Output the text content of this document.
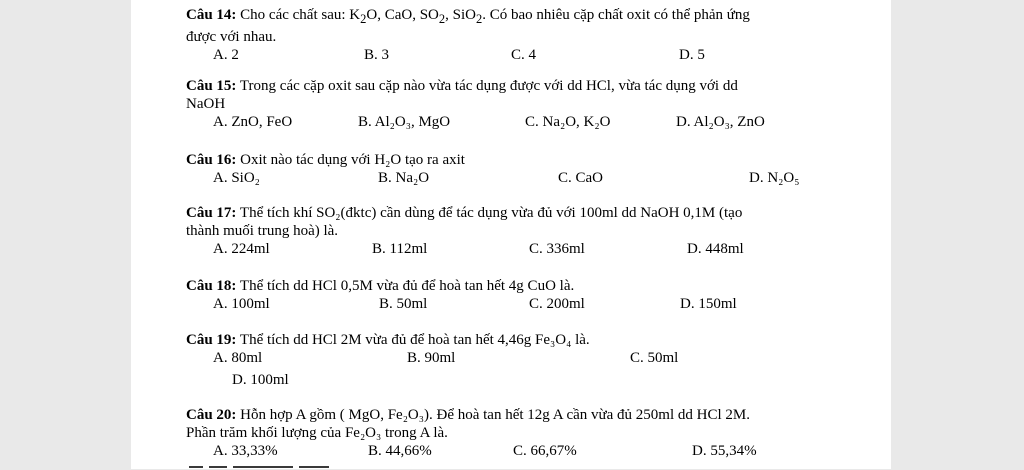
Câu 14: Cho các chất sau: $K_2O$, CaO, $SO_2$, SiO$_2$. Có bao nhiêu cặp chất oxit có thể phản ứng
được với nhau.
A. 2	B. 3	C. 4	D. 5
Câu 15: Trong các cặp oxit sau cặp nào vừa tác dụng được với dd HCl, vừa tác dụng với dd
NaOH
A. ZnO, FeO	B. Al₂O₃, MgO	C. Na₂O, K₂O	D. Al₂O₃, ZnO
Câu 16: Oxit nào tác dụng với H₂O tạo ra axit
A. SiO₂	B. Na₂O	C. CaO	D. N₂O₅
Câu 17: Thể tích khí SO₂(đktc) cần dùng để tác dụng vừa đủ với 100ml dd NaOH 0,1M (tạo
thành muối trung hoà) là.
A. 224ml	B. 112ml	C. 336ml	D. 448ml
Câu 18: Thể tích dd HCl 0,5M vừa đủ để hoà tan hết 4g CuO là.
A. 100ml	B. 50ml	C. 200ml	D. 150ml
Câu 19: Thể tích dd HCl 2M vừa đủ để hoà tan hết 4,46g Fe₃O₄ là.
A. 80ml	B. 90ml	C. 50ml
D. 100ml
Câu 20: Hỗn hợp A gồm ( MgO, Fe₂O₃). Để hoà tan hết 12g A cần vừa đủ 250ml dd HCl 2M.
Phần trăm khối lượng của Fe₂O₃ trong A là.
A. 33,33%	B. 44,66%	C. 66,67%	D. 55,34%
